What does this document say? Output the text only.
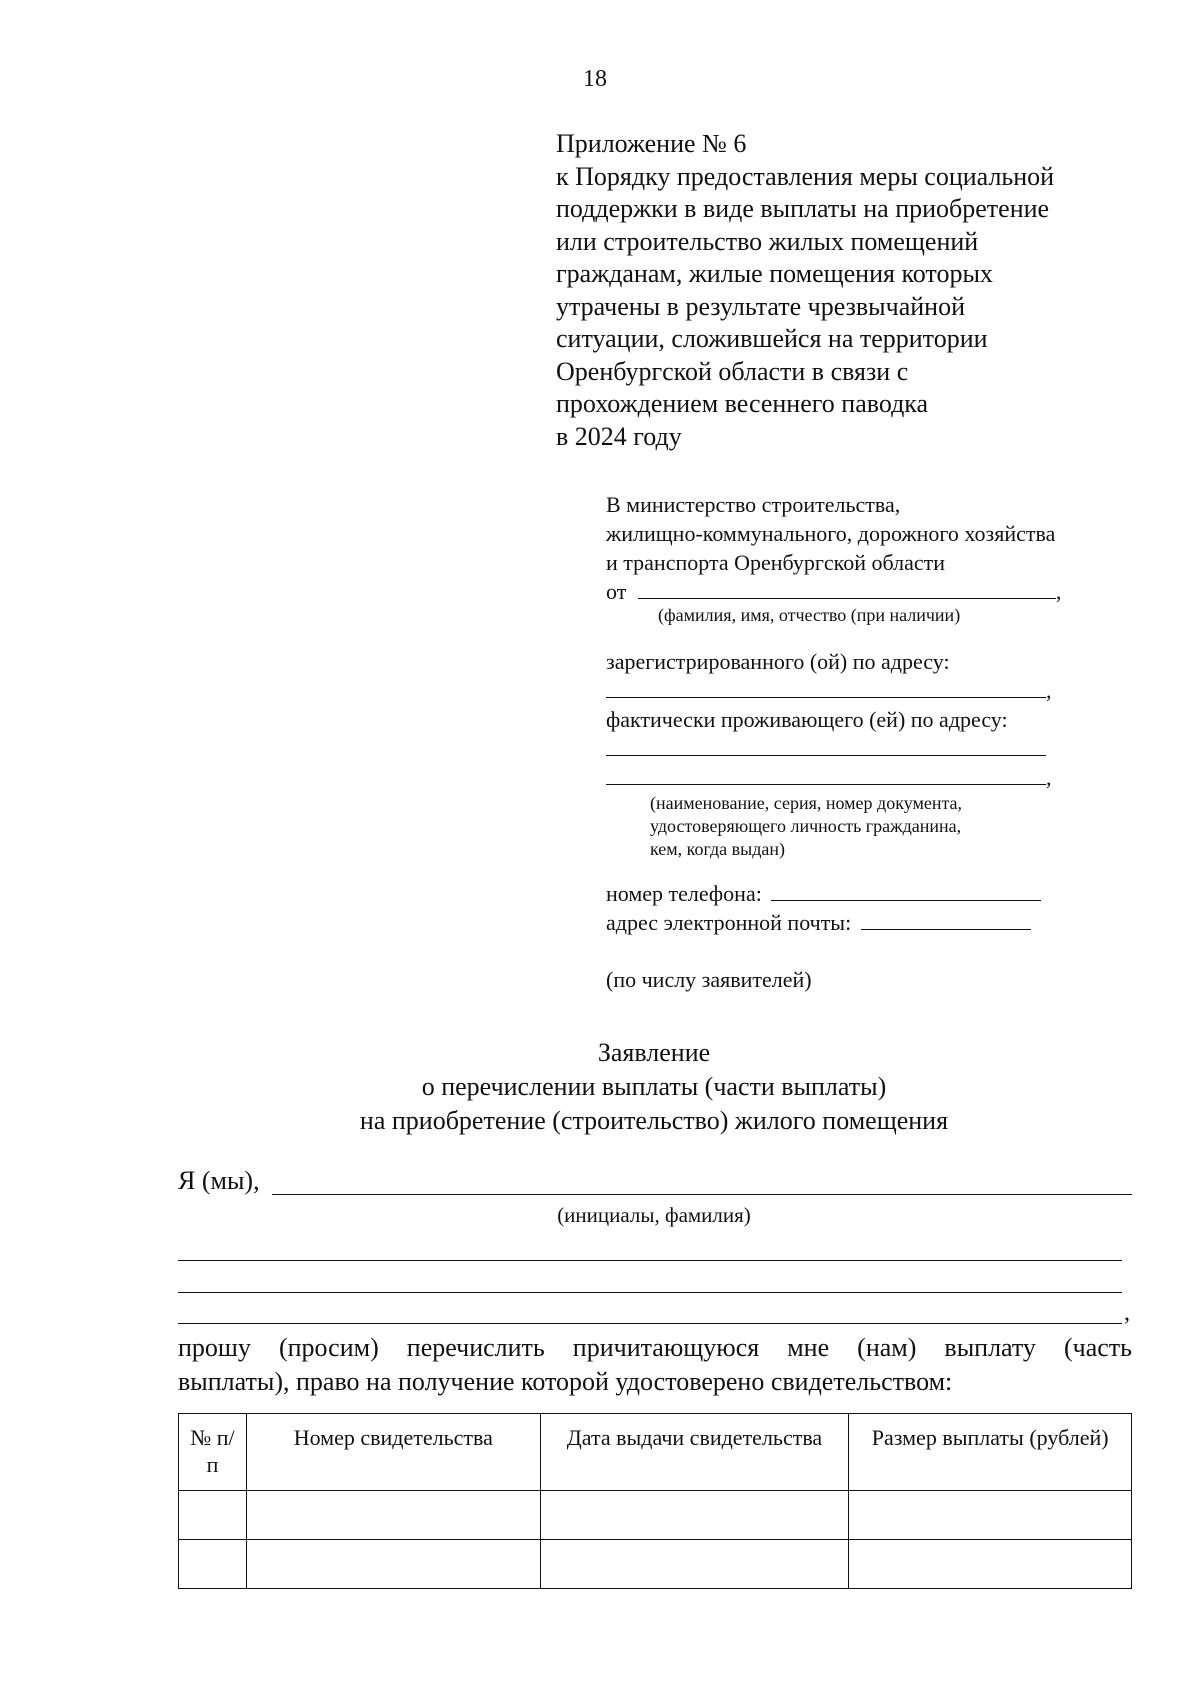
18
Приложение № 6
к Порядку предоставления меры социальной
поддержки в виде выплаты на приобретение
или строительство жилых помещений
гражданам, жилые помещения которых
утрачены в результате чрезвычайной
ситуации, сложившейся на территории
Оренбургской области в связи с
прохождением весеннего паводка
в 2024 году
В министерство строительства,
жилищно-коммунального, дорожного хозяйства
и транспорта Оренбургской области
от	,
(фамилия, имя, отчество (при наличии)
зарегистрированного (ой) по адресу:
,
фактически проживающего (ей) по адресу:
,
(наименование, серия, номер документа,
удостоверяющего личность гражданина,
кем, когда выдан)
номер телефона:
адрес электронной почты:
(по числу заявителей)
Заявление
о перечислении выплаты (части выплаты)
на приобретение (строительство) жилого помещения
Я (мы),
(инициалы, фамилия)
,
прошу (просим) перечислить причитающуюся мне (нам) выплату (часть
выплаты), право на получение которой удостоверено свидетельством:
№ п/п	Номер свидетельства	Дата выдачи свидетельства	Размер выплаты (рублей)
